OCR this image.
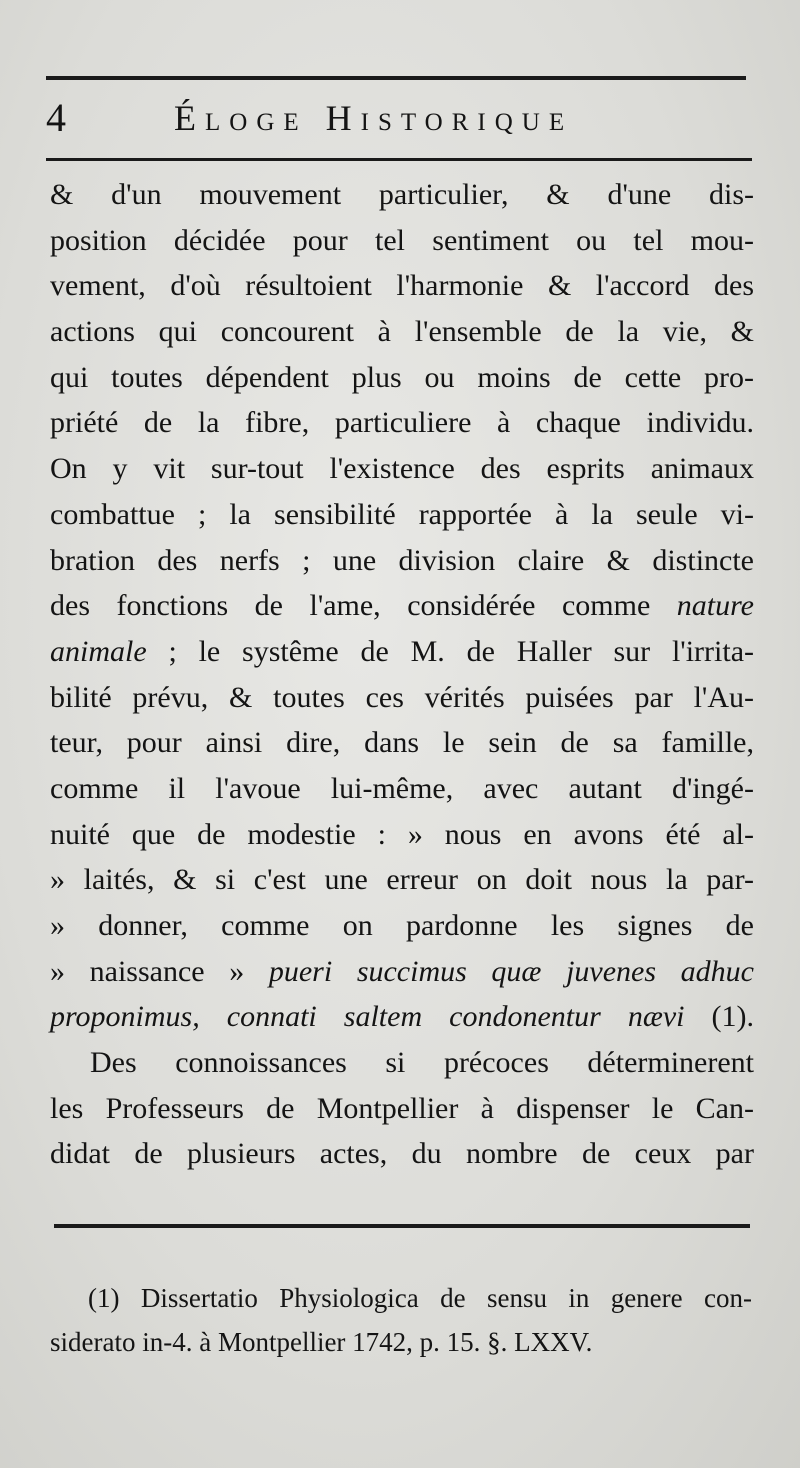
4	Éloge Historique
& d'un mouvement particulier, & d'une dis-
position décidée pour tel sentiment ou tel mou-
vement, d'où résultoient l'harmonie & l'accord des
actions qui concourent à l'ensemble de la vie, &
qui toutes dépendent plus ou moins de cette pro-
priété de la fibre, particuliere à chaque individu.
On y vit sur-tout l'existence des esprits animaux
combattue ; la sensibilité rapportée à la seule vi-
bration des nerfs ; une division claire & distincte
des fonctions de l'ame, considérée comme nature
animale ; le systême de M. de Haller sur l'irrita-
bilité prévu, & toutes ces vérités puisées par l'Au-
teur, pour ainsi dire, dans le sein de sa famille,
comme il l'avoue lui-même, avec autant d'ingé-
nuité que de modestie : » nous en avons été al-
» laités, & si c'est une erreur on doit nous la par-
» donner, comme on pardonne les signes de
» naissance » pueri succimus quæ juvenes adhuc
proponimus, connati saltem condonentur nævi (1).
Des connoissances si précoces déterminerent
les Professeurs de Montpellier à dispenser le Can-
didat de plusieurs actes, du nombre de ceux par
(1) Dissertatio Physiologica de sensu in genere con-
siderato in-4. à Montpellier 1742, p. 15. §. LXXV.
